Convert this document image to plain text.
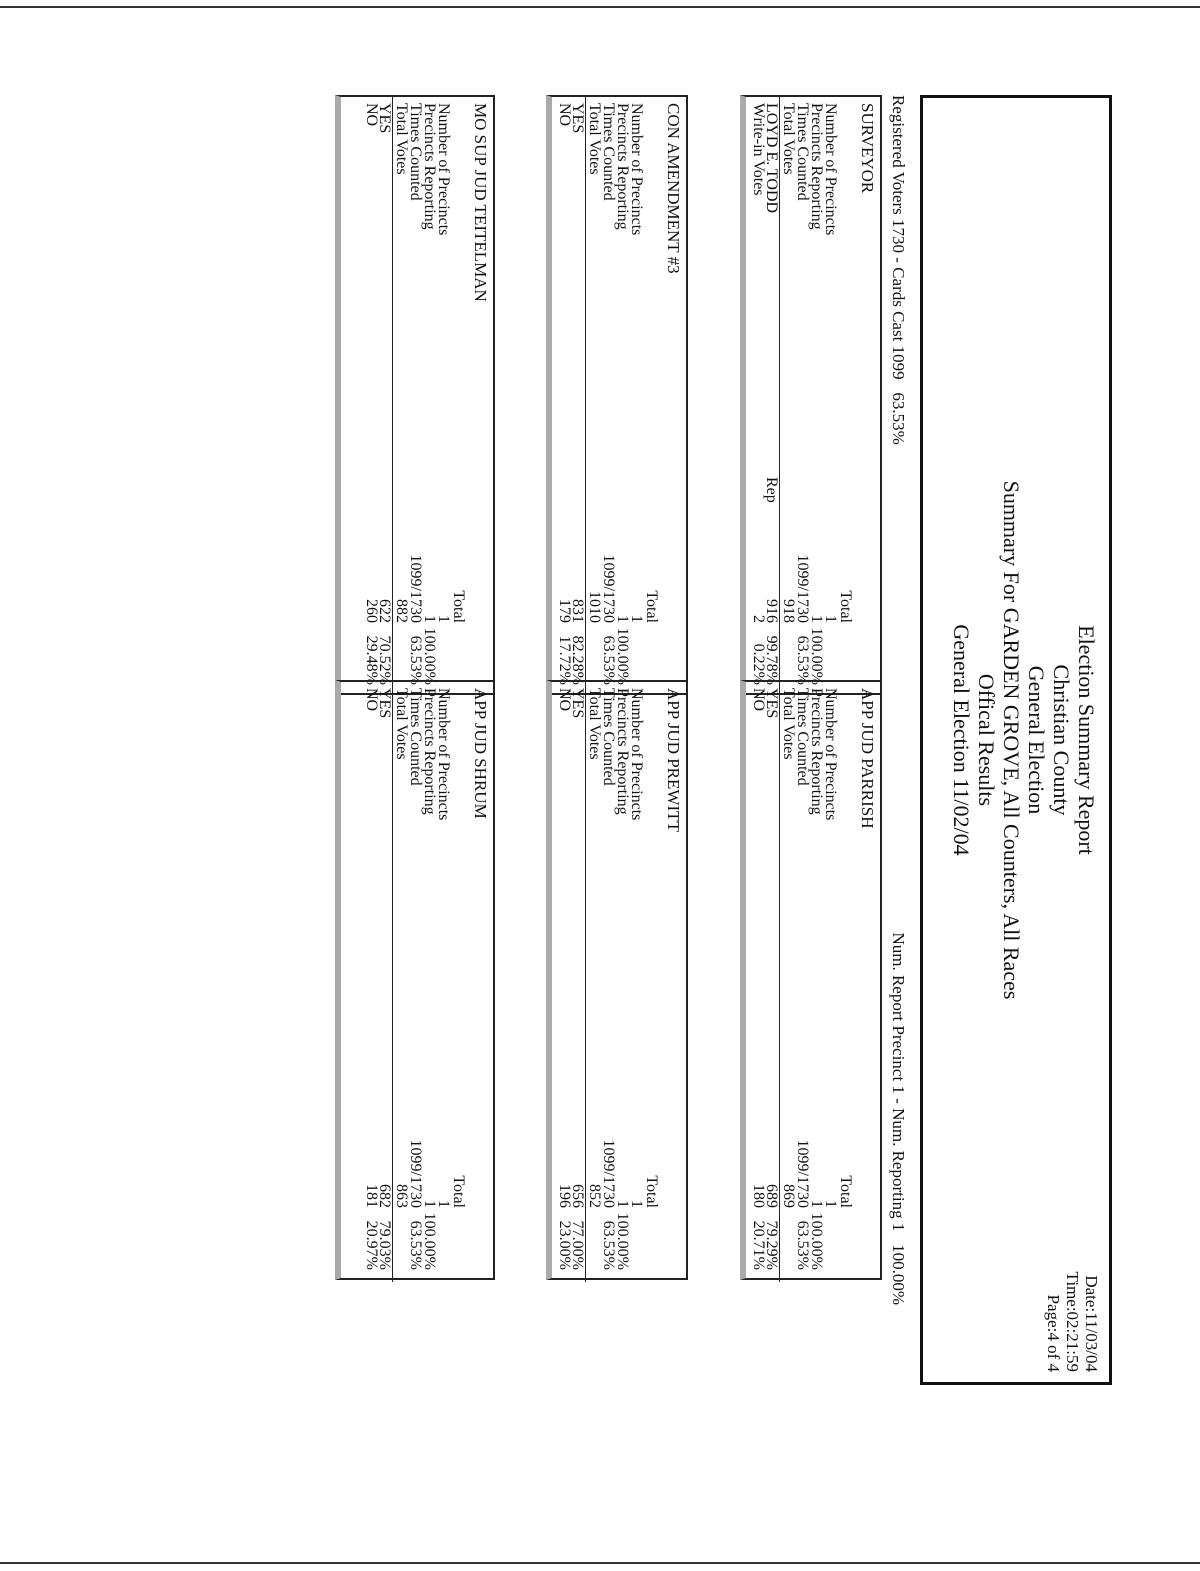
Election Summary Report
Christian County
General Election
Summary For GARDEN GROVE, All Counters, All Races
Offical Results
General Election 11/02/04
Date:11/03/04
Time:02:21:59
Page:4 of 4
Registered Voters 1730 - Cards Cast 1099   63.53%
Num. Report Precinct 1 - Num. Reporting 1   100.00%
SURVEYOR
Total
Number of Precincts
1
Precincts Reporting
1
100.00%
Times Counted
1099/1730
63.53%
Total Votes
918
LOYD E. TODD
Rep
916
99.78%
Write-in Votes
2
0.22%
APP JUD PARRISH
Total
Number of Precincts
1
Precincts Reporting
1
100.00%
Times Counted
1099/1730
63.53%
Total Votes
869
YES
689
79.29%
NO
180
20.71%
CON AMENDMENT #3
Total
Number of Precincts
1
Precincts Reporting
1
100.00%
Times Counted
1099/1730
63.53%
Total Votes
1010
YES
831
82.28%
NO
179
17.72%
APP JUD PREWITT
Total
Number of Precincts
1
Precincts Reporting
1
100.00%
Times Counted
1099/1730
63.53%
Total Votes
852
YES
656
77.00%
NO
196
23.00%
MO SUP JUD TEITELMAN
Total
Number of Precincts
1
Precincts Reporting
1
100.00%
Times Counted
1099/1730
63.53%
Total Votes
882
YES
622
70.52%
NO
260
29.48%
APP JUD SHRUM
Total
Number of Precincts
1
Precincts Reporting
1
100.00%
Times Counted
1099/1730
63.53%
Total Votes
863
YES
682
79.03%
NO
181
20.97%
